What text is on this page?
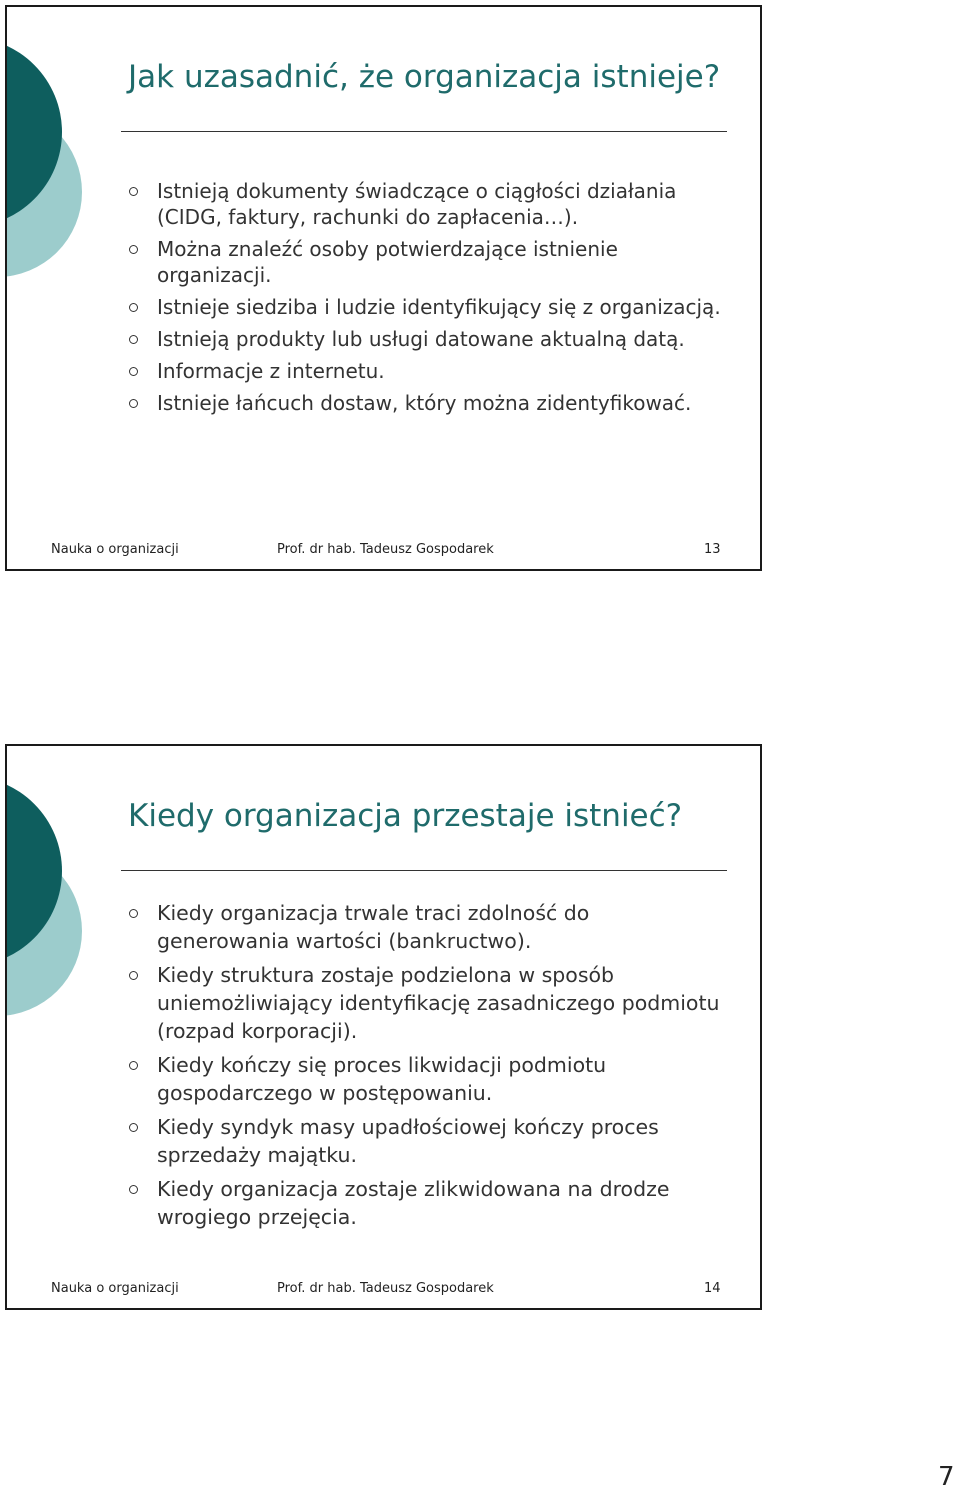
Jak uzasadnić, że organizacja istnieje?
Istnieją dokumenty świadczące o ciągłości działania (CIDG, faktury, rachunki do zapłacenia…).
Można znaleźć osoby potwierdzające istnienie organizacji.
Istnieje siedziba i ludzie identyfikujący się z organizacją.
Istnieją produkty lub usługi datowane aktualną datą.
Informacje z internetu.
Istnieje łańcuch dostaw, który można zidentyfikować.
Nauka o organizacji	Prof. dr hab. Tadeusz Gospodarek	13
Kiedy organizacja przestaje istnieć?
Kiedy organizacja trwale traci zdolność do generowania wartości (bankructwo).
Kiedy struktura zostaje podzielona w sposób uniemożliwiający identyfikację zasadniczego podmiotu (rozpad korporacji).
Kiedy kończy się proces likwidacji podmiotu gospodarczego w postępowaniu.
Kiedy syndyk masy upadłościowej kończy proces sprzedaży majątku.
Kiedy organizacja zostaje zlikwidowana na drodze wrogiego przejęcia.
Nauka o organizacji	Prof. dr hab. Tadeusz Gospodarek	14
7
